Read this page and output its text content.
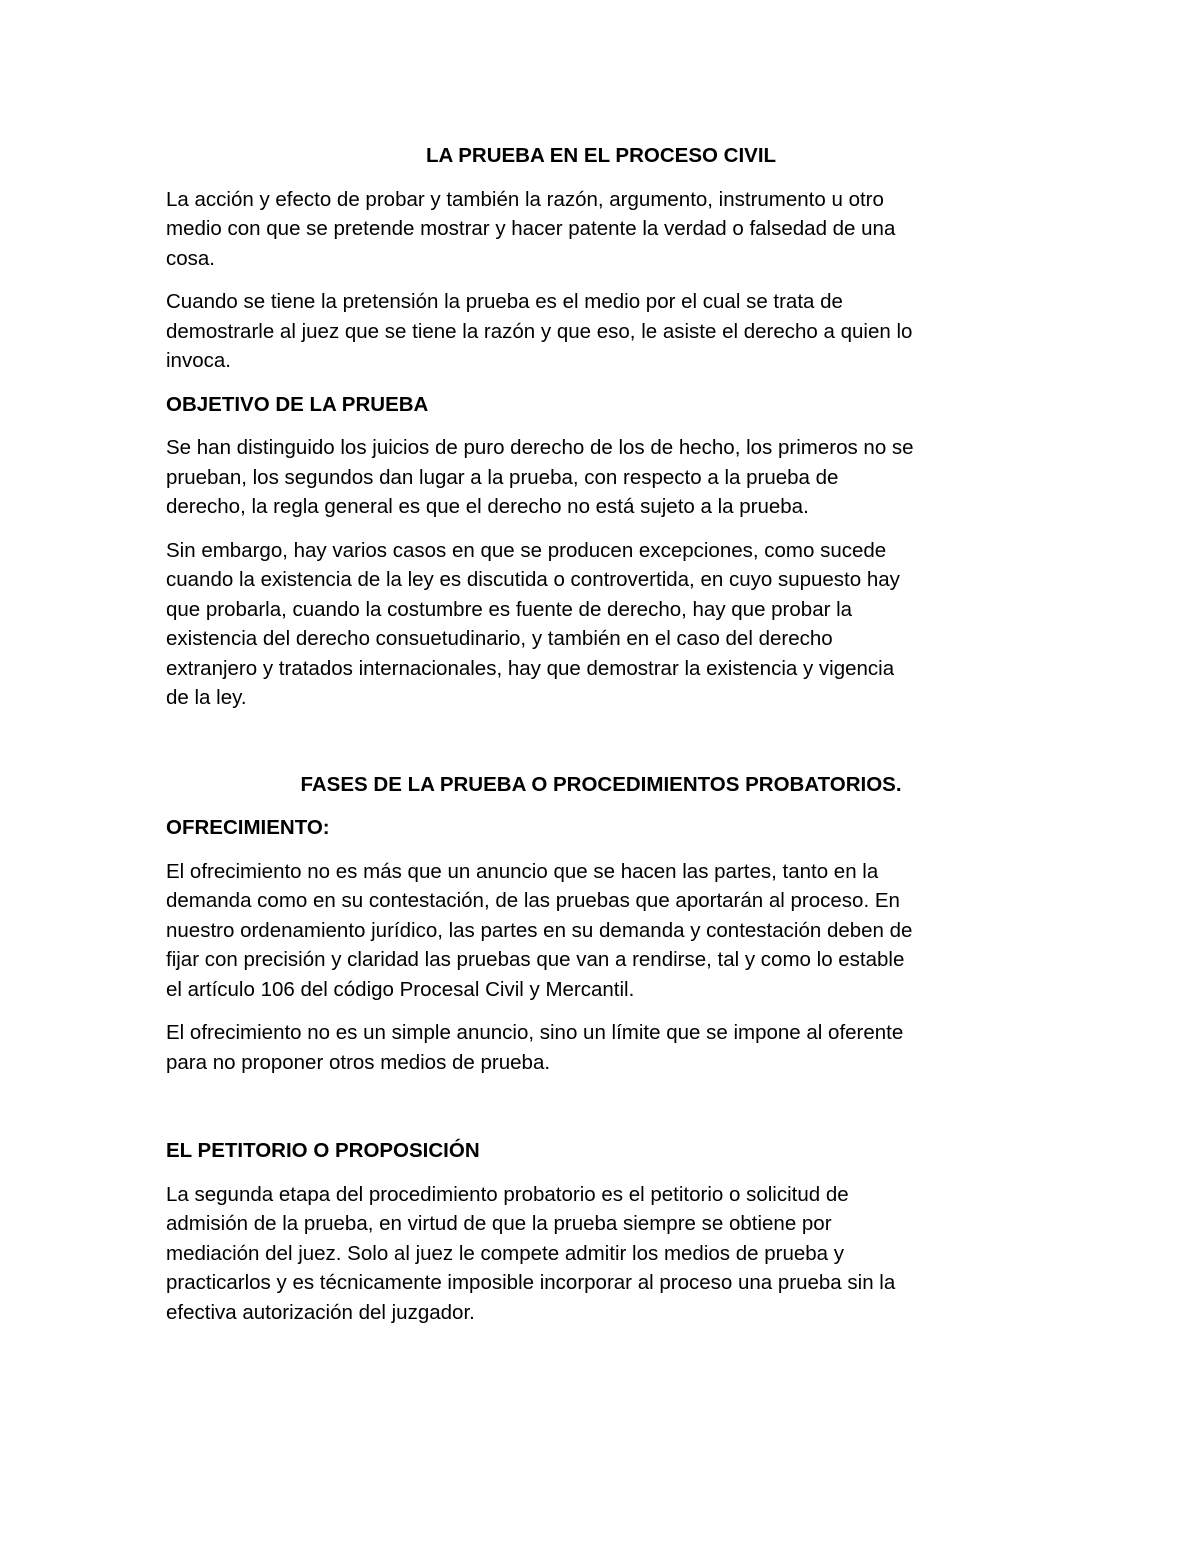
LA PRUEBA EN EL PROCESO CIVIL
La acción y efecto de probar y también la razón, argumento, instrumento u otro
medio con que se pretende mostrar y hacer patente la verdad o falsedad de una
cosa.
Cuando se tiene la pretensión la prueba es el medio por el cual se trata de
demostrarle al juez que se tiene la razón y que eso, le asiste el derecho a quien lo
invoca.
OBJETIVO DE LA PRUEBA
Se han distinguido los juicios de puro derecho de los de hecho, los primeros no se
prueban, los segundos dan lugar a la prueba, con respecto a la prueba de
derecho, la regla general es que el derecho no está sujeto a la prueba.
Sin embargo, hay varios casos en que se producen excepciones, como sucede
cuando la existencia de la ley es discutida o controvertida, en cuyo supuesto hay
que probarla, cuando la costumbre es fuente de derecho, hay que probar la
existencia del derecho consuetudinario, y también en el caso del derecho
extranjero y tratados internacionales, hay que demostrar la existencia y vigencia
de la ley.
FASES DE LA PRUEBA O PROCEDIMIENTOS PROBATORIOS.
OFRECIMIENTO:
El ofrecimiento no es más que un anuncio que se hacen las partes, tanto en la
demanda como en su contestación, de las pruebas que aportarán al proceso. En
nuestro ordenamiento jurídico, las partes en su demanda y contestación deben de
fijar con precisión y claridad las pruebas que van a rendirse, tal y como lo estable
el artículo 106 del código Procesal Civil y Mercantil.
El ofrecimiento no es un simple anuncio, sino un límite que se impone al oferente
para no proponer otros medios de prueba.
EL PETITORIO O PROPOSICIÓN
La segunda etapa del procedimiento probatorio es el petitorio o solicitud de
admisión de la prueba, en virtud de que la prueba siempre se obtiene por
mediación del juez. Solo al juez le compete admitir los medios de prueba y
practicarlos y es técnicamente imposible incorporar al proceso una prueba sin la
efectiva autorización del juzgador.
